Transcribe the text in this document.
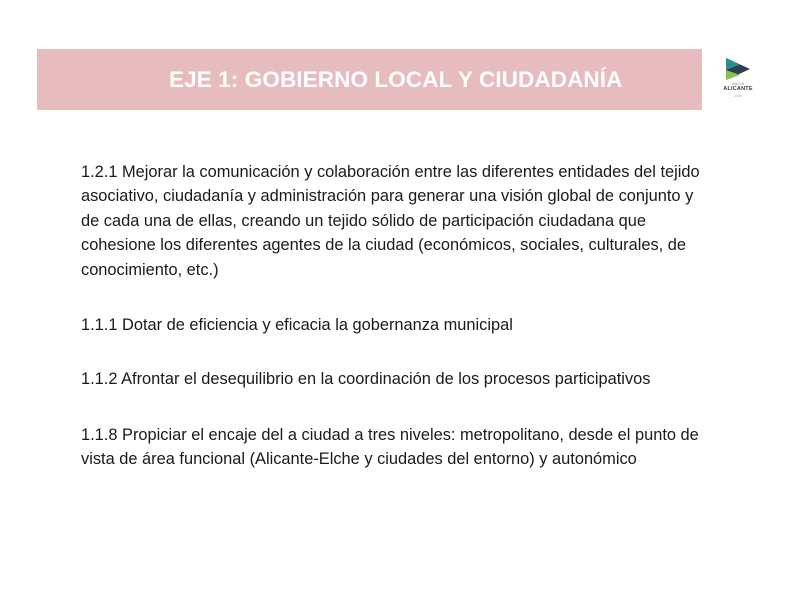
EJE 1: GOBIERNO LOCAL Y CIUDADANÍA	HACIA
ALICANTE
2030

1.2.1 Mejorar la comunicación y colaboración entre las diferentes entidades del tejido asociativo, ciudadanía y administración para generar una visión global de conjunto y de cada una de ellas, creando un tejido sólido de participación ciudadana que cohesione los diferentes agentes de la ciudad (económicos, sociales, culturales, de conocimiento, etc.)

1.1.1 Dotar de eficiencia y eficacia la gobernanza municipal

1.1.2 Afrontar el desequilibrio en la coordinación de los procesos participativos

1.1.8 Propiciar el encaje del a ciudad a tres niveles: metropolitano, desde el punto de vista de área funcional (Alicante-Elche y ciudades del entorno) y autonómico
